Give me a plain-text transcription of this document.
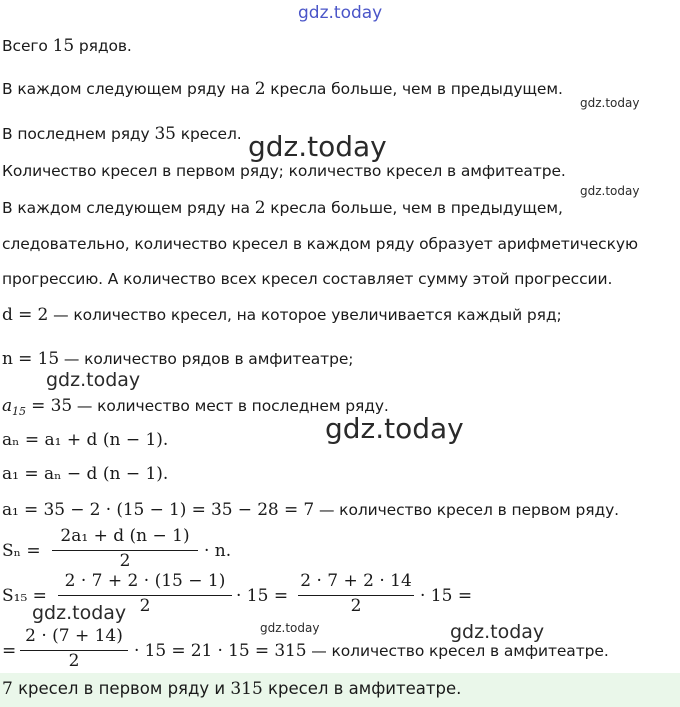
gdz.today
gdz.today
gdz.today
gdz.today
gdz.today
gdz.today
gdz.today
gdz.today	gdz.today
Всего 15 рядов.
В каждом следующем ряду на 2 кресла больше, чем в предыдущем.
В последнем ряду 35 кресел.
Количество кресел в первом ряду; количество кресел в амфитеатре.
В каждом следующем ряду на 2 кресла больше, чем в предыдущем,
следовательно, количество кресел в каждом ряду образует арифметическую
прогрессию. А количество всех кресел составляет сумму этой прогрессии.
d = 2 — количество кресел, на которое увеличивается каждый ряд;
n = 15 — количество рядов в амфитеатре;
$a_{15} = 35$ — количество мест в последнем ряду.
aₙ = a₁ + d (n − 1).
a₁ = aₙ − d (n − 1).
a₁ = 35 − 2 · (15 − 1) = 35 − 28 = 7 — количество кресел в первом ряду.
Sₙ =
2a₁ + d (n − 1)
2	· n.
S₁₅ =
2 · 7 + 2 · (15 − 1)
2	· 15 =
2 · 7 + 2 · 14
2	· 15 =
=
2 · (7 + 14)
2	· 15 = 21 · 15 = 315 — количество кресел в амфитеатре.
7 кресел в первом ряду и 315 кресел в амфитеатре.
